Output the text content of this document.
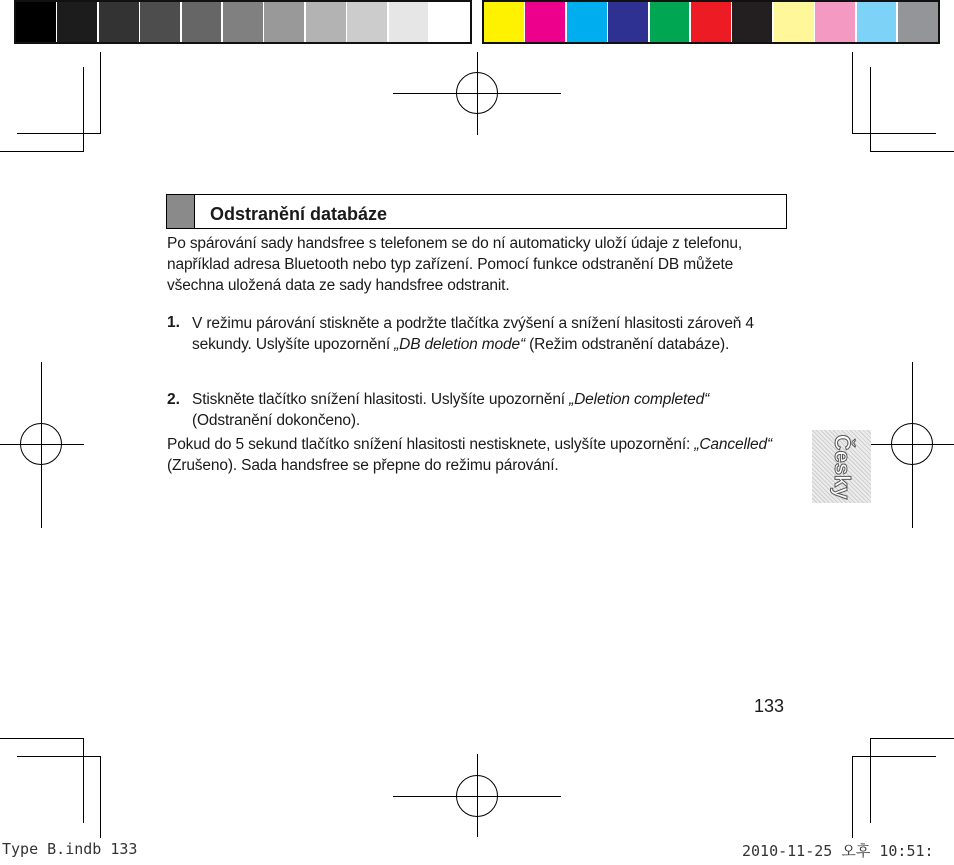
Odstranění databáze
Po spárování sady handsfree s telefonem se do ní automaticky uloží údaje z telefonu, například adresa Bluetooth nebo typ zařízení. Pomocí funkce odstranění DB můžete všechna uložená data ze sady handsfree odstranit.
1. V režimu párování stiskněte a podržte tlačítka zvýšení a snížení hlasitosti zároveň 4 sekundy. Uslyšíte upozornění „DB deletion mode“ (Režim odstranění databáze).
2. Stiskněte tlačítko snížení hlasitosti. Uslyšíte upozornění „Deletion completed“ (Odstranění dokončeno).
Pokud do 5 sekund tlačítko snížení hlasitosti nestisknete, uslyšíte upozornění: „Cancelled“ (Zrušeno). Sada handsfree se přepne do režimu párování.	Česky
133
Type B.indb 133	2010-11-25 오후 10:51:
